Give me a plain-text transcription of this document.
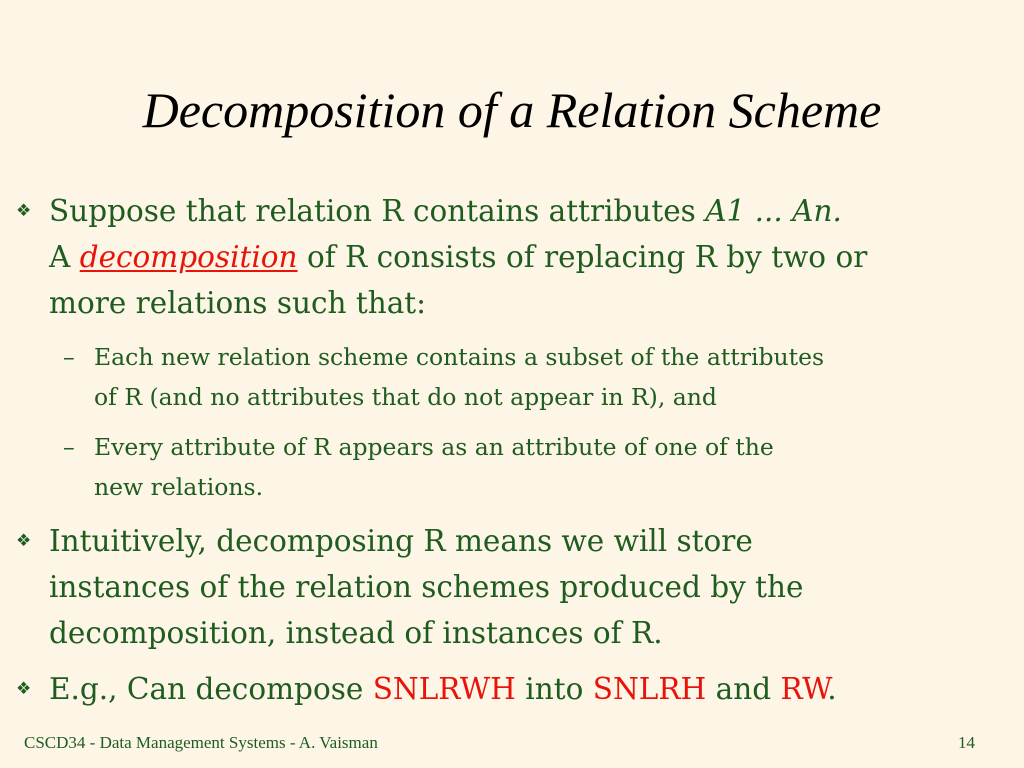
Decomposition of a Relation Scheme
❖ Suppose that relation R contains attributes A1 ... An.
A decomposition of R consists of replacing R by two or
more relations such that:
– Each new relation scheme contains a subset of the attributes
of R (and no attributes that do not appear in R), and
– Every attribute of R appears as an attribute of one of the
new relations.
❖ Intuitively, decomposing R means we will store
instances of the relation schemes produced by the
decomposition, instead of instances of R.
❖ E.g., Can decompose SNLRWH into SNLRH and RW.
CSCD34 - Data Management Systems - A. Vaisman	14
